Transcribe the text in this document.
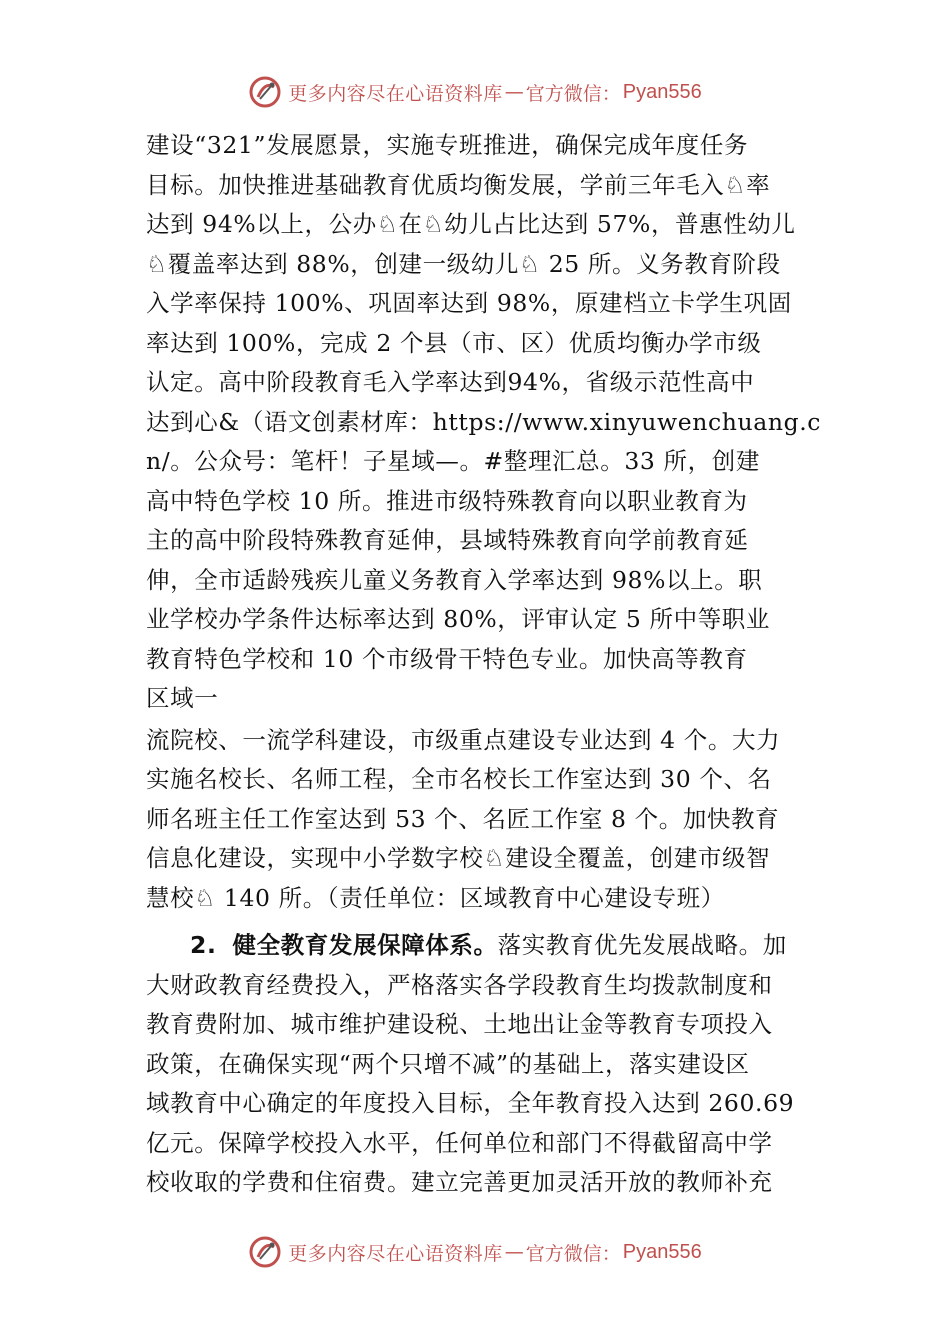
更多内容尽在心语资料库 — 官方微信： Pyan556
建设“321”发展愿景，实施专班推进，确保完成年度任务
目标。加快推进基础教育优质均衡发展，学前三年毛入♘率
达到 94%以上，公办♘在♘幼儿占比达到 57%，普惠性幼儿
♘覆盖率达到 88%，创建一级幼儿♘ 25 所。义务教育阶段
入学率保持 100%、巩固率达到 98%，原建档立卡学生巩固
率达到 100%，完成 2 个县（市、区）优质均衡办学市级
认定。高中阶段教育毛入学率达到94%，省级示范性高中
达到心&（语文创素材库：https://www.xinyuwenchuang.c
n/。公众号：笔杆！子星域—。#整理汇总。33 所，创建
高中特色学校 10 所。推进市级特殊教育向以职业教育为
主的高中阶段特殊教育延伸，县域特殊教育向学前教育延
伸，全市适龄残疾儿童义务教育入学率达到 98%以上。职
业学校办学条件达标率达到 80%，评审认定 5 所中等职业
教育特色学校和 10 个市级骨干特色专业。加快高等教育
区域一
流院校、一流学科建设，市级重点建设专业达到 4 个。大力
实施名校长、名师工程，全市名校长工作室达到 30 个、名
师名班主任工作室达到 53 个、名匠工作室 8 个。加快教育
信息化建设，实现中小学数字校♘建设全覆盖，创建市级智
慧校♘ 140 所。（责任单位：区域教育中心建设专班）
2. 健全教育发展保障体系。落实教育优先发展战略。加
大财政教育经费投入，严格落实各学段教育生均拨款制度和
教育费附加、城市维护建设税、土地出让金等教育专项投入
政策，在确保实现“两个只增不减”的基础上，落实建设区
域教育中心确定的年度投入目标，全年教育投入达到 260.69
亿元。保障学校投入水平，任何单位和部门不得截留高中学
校收取的学费和住宿费。建立完善更加灵活开放的教师补充
更多内容尽在心语资料库 — 官方微信： Pyan556
